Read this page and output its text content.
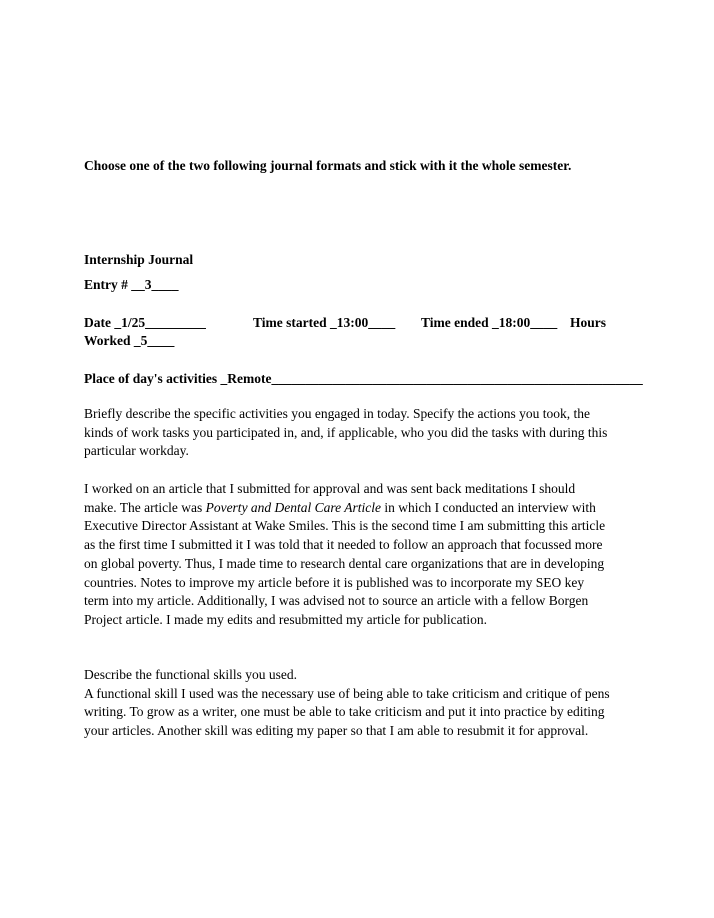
Choose one of the two following journal formats and stick with it the whole semester.

Internship Journal

Entry # __3____

Date _1/25_________	Time started _13:00____ Time ended _18:00____ Hours

Worked _5____

Place of day's activities _Remote_______________________________________________________

Briefly describe the specific activities you engaged in today. Specify the actions you took, the
kinds of work tasks you participated in, and, if applicable, who you did the tasks with during this
particular workday.
I worked on an article that I submitted for approval and was sent back meditations I should
make. The article was Poverty and Dental Care Article in which I conducted an interview with
Executive Director Assistant at Wake Smiles. This is the second time I am submitting this article
as the first time I submitted it I was told that it needed to follow an approach that focussed more
on global poverty. Thus, I made time to research dental care organizations that are in developing
countries. Notes to improve my article before it is published was to incorporate my SEO key
term into my article. Additionally, I was advised not to source an article with a fellow Borgen
Project article. I made my edits and resubmitted my article for publication.
Describe the functional skills you used.
A functional skill I used was the necessary use of being able to take criticism and critique of pens
writing. To grow as a writer, one must be able to take criticism and put it into practice by editing
your articles. Another skill was editing my paper so that I am able to resubmit it for approval.
